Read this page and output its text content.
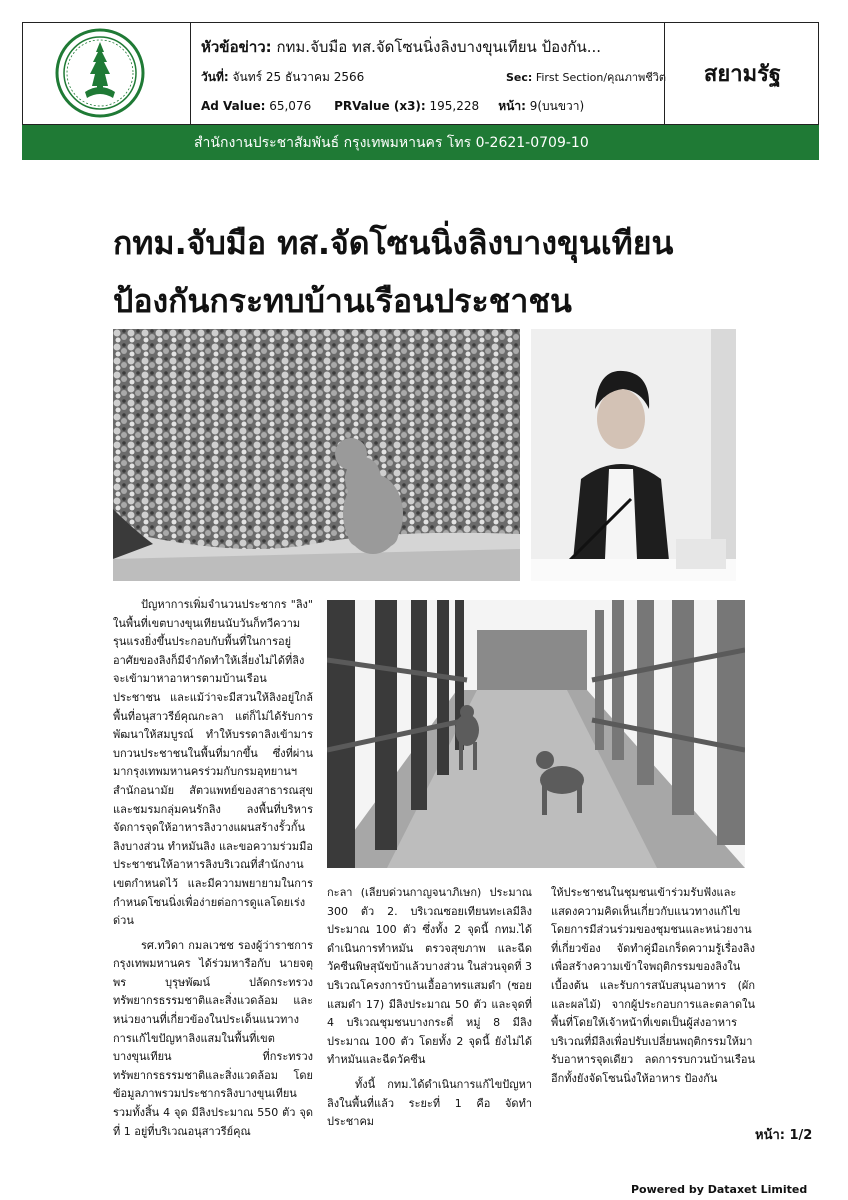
หัวข้อข่าว: กทม.จับมือ ทส.จัดโซนนิ่งลิงบางขุนเทียน ป้องกัน...
วันที่: จันทร์ 25 ธันวาคม 2566	Sec: First Section/คุณภาพชีวิต
Ad Value: 65,076 PRValue (x3): 195,228 หน้า: 9(บนขวา)
สยามรัฐ
สำนักงานประชาสัมพันธ์ กรุงเทพมหานคร โทร 0-2621-0709-10
กทม.จับมือ ทส.จัดโซนนิ่งลิงบางขุนเทียน
ป้องกันกระทบบ้านเรือนประชาชน

ปัญหาการเพิ่มจำนวนประชากร "ลิง" ในพื้นที่เขตบางขุนเทียนนับวันก็ทวีความรุนแรงยิ่งขึ้นประกอบกับพื้นที่ในการอยู่อาศัยของลิงก็มีจำกัดทำให้เลี่ยงไม่ได้ที่ลิงจะเข้ามาหาอาหารตามบ้านเรือนประชาชน และแม้ว่าจะมีสวนให้ลิงอยู่ใกล้พื้นที่อนุสาวรีย์คุณกะลา แต่ก็ไม่ได้รับการพัฒนาให้สมบูรณ์ ทำให้บรรดาลิงเข้ามารบกวนประชาชนในพื้นที่มากขึ้น ซึ่งที่ผ่านมากรุงเทพมหานครร่วมกับกรมอุทยานฯ สำนักอนามัย สัตวแพทย์ของสาธารณสุข และชมรมกลุ่มคนรักลิง ลงพื้นที่บริหารจัดการจุดให้อาหารลิงวางแผนสร้างรั้วกั้นลิงบางส่วน ทำหมันลิง และขอความร่วมมือประชาชนให้อาหารลิงบริเวณที่สำนักงานเขตกำหนดไว้ และมีความพยายามในการกำหนดโซนนิ่งเพื่อง่ายต่อการดูแลโดยเร่งด่วน

รศ.ทวิดา กมลเวชช รองผู้ว่าราชการกรุงเทพมหานคร ได้ร่วมหารือกับ นายจตุพร บุรุษพัฒน์ ปลัดกระทรวงทรัพยากรธรรมชาติและสิ่งแวดล้อม และหน่วยงานที่เกี่ยวข้องในประเด็นแนวทางการแก้ไขปัญหาลิงแสมในพื้นที่เขตบางขุนเทียน ที่กระทรวงทรัพยากรธรรมชาติและสิ่งแวดล้อม โดยข้อมูลภาพรวมประชากรลิงบางขุนเทียน รวมทั้งสิ้น 4 จุด มีลิงประมาณ 550 ตัว จุดที่ 1 อยู่ที่บริเวณอนุสาวรีย์คุณ

กะลา (เลียบด่วนกาญจนาภิเษก) ประมาณ 300 ตัว 2. บริเวณซอยเทียนทะเลมีลิงประมาณ 100 ตัว ซึ่งทั้ง 2 จุดนี้ กทม.ได้ดำเนินการทำหมัน ตรวจสุขภาพ และฉีดวัคซีนพิษสุนัขบ้าแล้วบางส่วน ในส่วนจุดที่ 3 บริเวณโครงการบ้านเอื้ออาทรแสมดำ (ซอยแสมดำ 17) มีลิงประมาณ 50 ตัว และจุดที่ 4 บริเวณชุมชนบางกระดี่ หมู่ 8 มีลิงประมาณ 100 ตัว โดยทั้ง 2 จุดนี้ ยังไม่ได้ทำหมันและฉีดวัคซีน

ทั้งนี้ กทม.ได้ดำเนินการแก้ไขปัญหาลิงในพื้นที่แล้ว ระยะที่ 1 คือ จัดทำประชาคม

ให้ประชาชนในชุมชนเข้าร่วมรับฟังและแสดงความคิดเห็นเกี่ยวกับแนวทางแก้ไข โดยการมีส่วนร่วมของชุมชนและหน่วยงานที่เกี่ยวข้อง จัดทำคู่มือเกร็ดความรู้เรื่องลิงเพื่อสร้างความเข้าใจพฤติกรรมของลิงในเบื้องต้น และรับการสนับสนุนอาหาร (ผักและผลไม้) จากผู้ประกอบการและตลาดในพื้นที่โดยให้เจ้าหน้าที่เขตเป็นผู้ส่งอาหารบริเวณที่มีลิงเพื่อปรับเปลี่ยนพฤติกรรมให้มารับอาหารจุดเดียว ลดการรบกวนบ้านเรือน อีกทั้งยังจัดโซนนิ่งให้อาหาร ป้องกัน

หน้า: 1/2
Powered by Dataxet Limited
